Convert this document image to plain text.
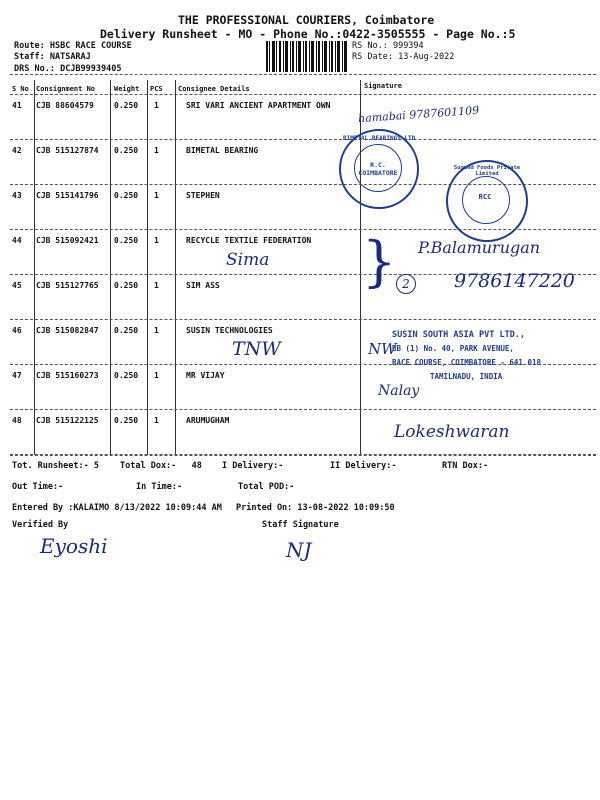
THE PROFESSIONAL COURIERS, Coimbatore
Delivery Runsheet - MO - Phone No.:0422-3505555 - Page No.:5
Route: HSBC RACE COURSE
Staff: NATSARAJ
DRS No.: DCJB99939405
RS No.: 999394
RS Date: 13-Aug-2022
S No Consignment No	Weight PCS Consignee Details	Signature
41 CJB 88604579	0.250 1	SRI VARI ANCIENT APARTMENT OWN
42 CJB 515127874 0.250 1	BIMETAL BEARING
43 CJB 515141796 0.250 1	STEPHEN
44 CJB 515092421 0.250 1	RECYCLE TEXTILE FEDERATION
45 CJB 515127765 0.250 1	SIM ASS
46 CJB 515082847 0.250 1	SUSIN TECHNOLOGIES
47 CJB 515160273 0.250 1	MR VIJAY
48 CJB 515122125 0.250 1	ARUMUGHAM
hamabai 9787601109
BIMETAL BEARINGS LTD
R.C. COIMBATORE
Sugund Foods Private Limited
RCC
Sima } P.Balamurugan
2	9786147220
TNW	NW
SUSIN SOUTH ASIA PVT LTD.,
BB (1) No. 40, PARK AVENUE,
RACE COURSE, COIMBATORE - 641 018
TAMILNADU, INDIA
Nalay
Lokeshwaran
Tot. Runsheet:- 5 Total Dox:-   48 I Delivery:-	II Delivery:-	RTN Dox:-
Out Time:-	In Time:-	Total POD:-
Entered By :KALAIMO 8/13/2022 10:09:44 AM Printed On: 13-08-2022 10:09:50
Verified By	Staff Signature
Eyoshi	NJ
